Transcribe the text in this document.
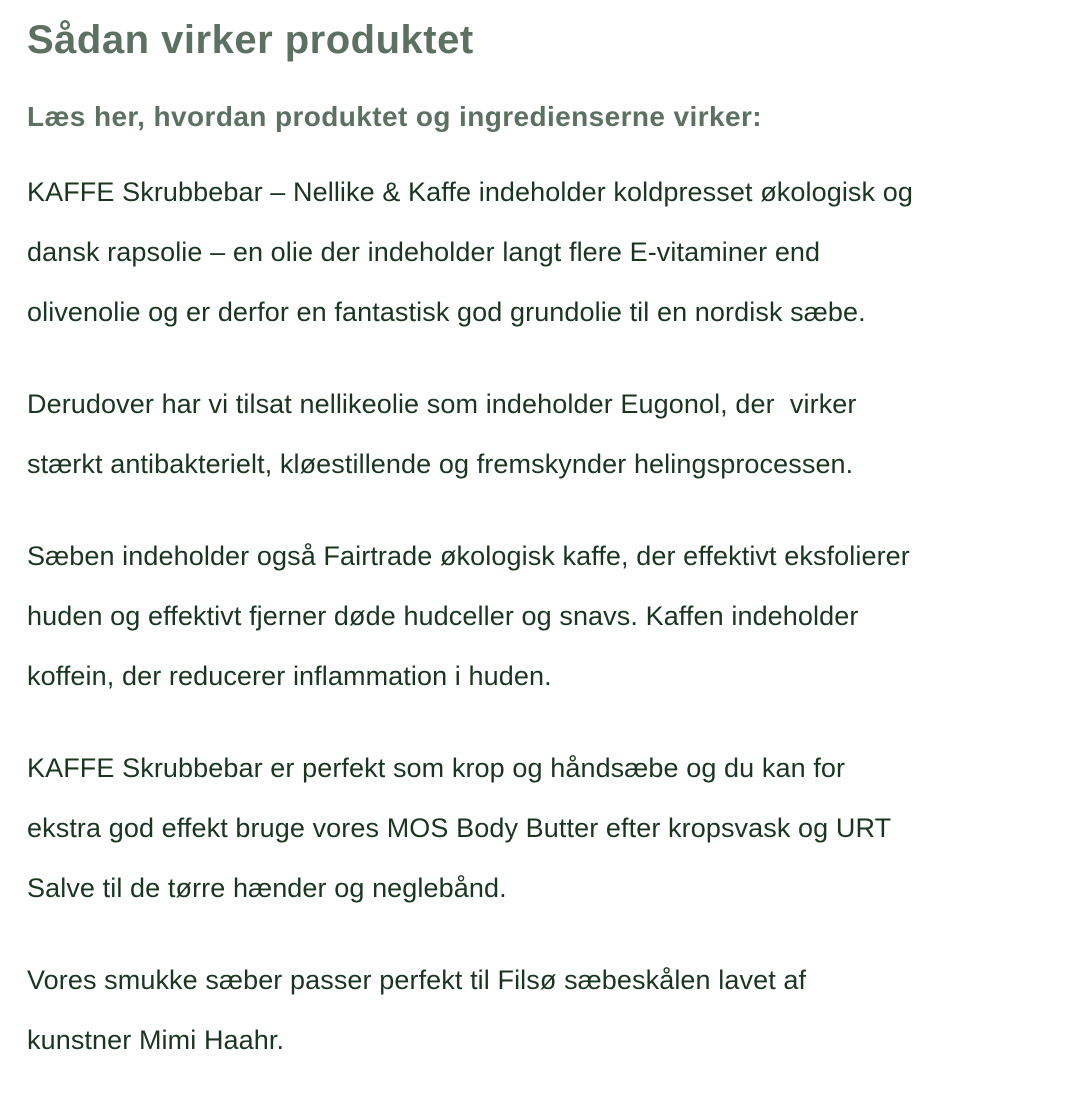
Sådan virker produktet
Læs her, hvordan produktet og ingredienserne virker:

KAFFE Skrubbebar – Nellike & Kaffe indeholder koldpresset økologisk og
dansk rapsolie – en olie der indeholder langt flere E-vitaminer end
olivenolie og er derfor en fantastisk god grundolie til en nordisk sæbe.

Derudover har vi tilsat nellikeolie som indeholder Eugonol, der  virker
stærkt antibakterielt, kløestillende og fremskynder helingsprocessen.

Sæben indeholder også Fairtrade økologisk kaffe, der effektivt eksfolierer
huden og effektivt fjerner døde hudceller og snavs. Kaffen indeholder
koffein, der reducerer inflammation i huden.

KAFFE Skrubbebar er perfekt som krop og håndsæbe og du kan for
ekstra god effekt bruge vores MOS Body Butter efter kropsvask og URT
Salve til de tørre hænder og neglebånd.

Vores smukke sæber passer perfekt til Filsø sæbeskålen lavet af
kunstner Mimi Haahr.
